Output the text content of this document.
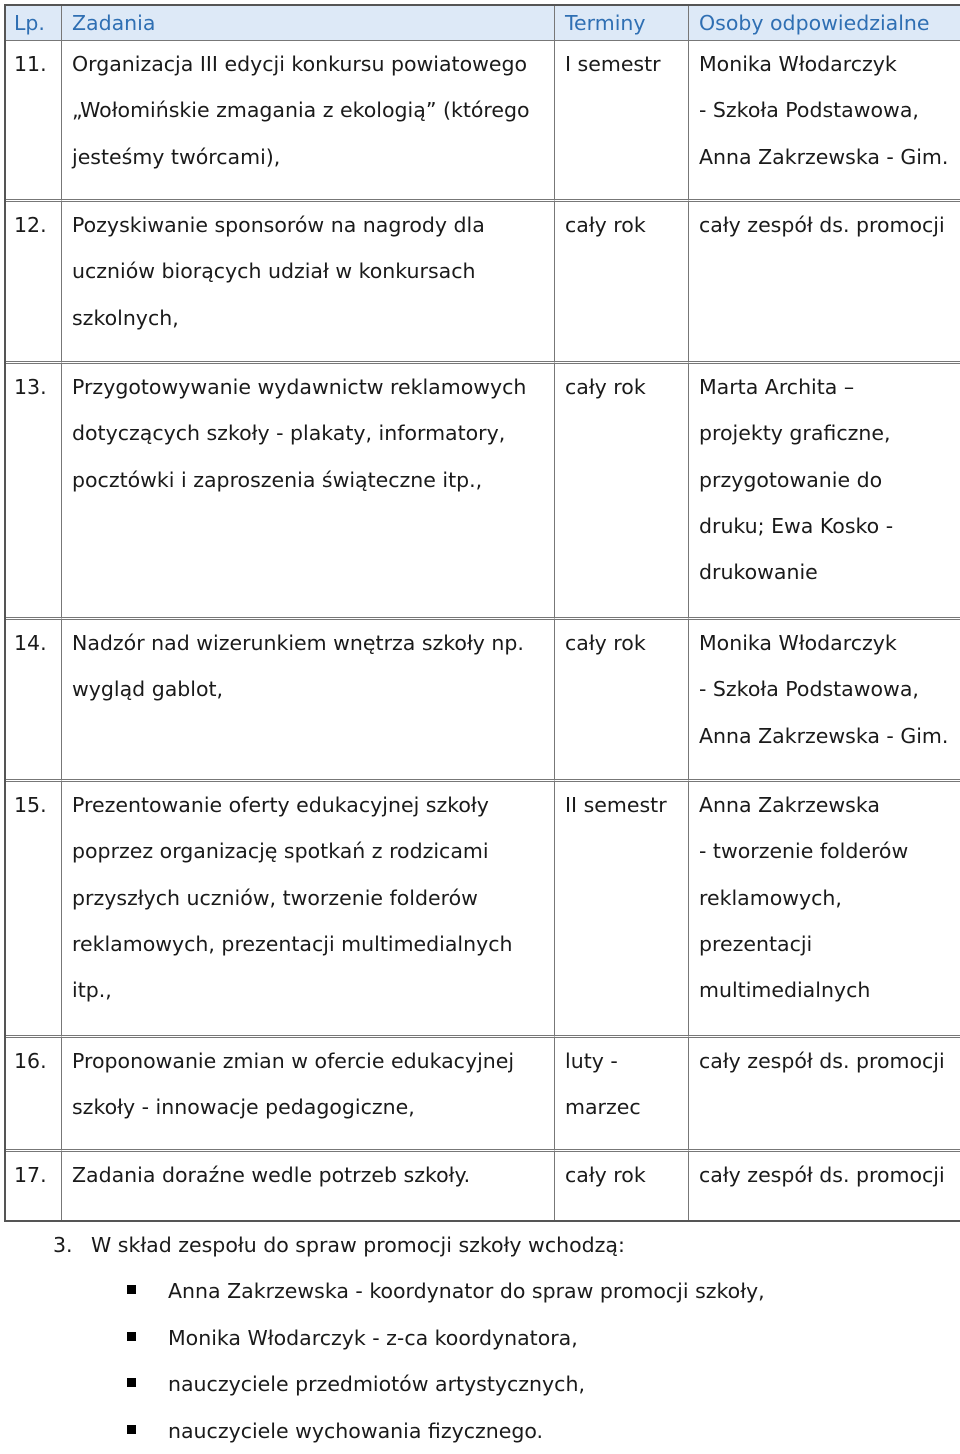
Lp.	Zadania	Terminy	Osoby odpowiedzialne
11.	Organizacja III edycji konkursu powiatowego
„Wołomińskie zmagania z ekologią” (którego
jesteśmy twórcami),	I semestr	Monika Włodarczyk
- Szkoła Podstawowa,
Anna Zakrzewska - Gim.

12.	Pozyskiwanie sponsorów na nagrody dla
uczniów biorących udział w konkursach
szkolnych,	cały rok	cały zespół ds. promocji

13.	Przygotowywanie wydawnictw reklamowych
dotyczących szkoły - plakaty, informatory,
pocztówki i zaproszenia świąteczne itp.,	cały rok	Marta Archita –
projekty graficzne,
przygotowanie do
druku; Ewa Kosko -
drukowanie

14.	Nadzór nad wizerunkiem wnętrza szkoły np.
wygląd gablot,	cały rok	Monika Włodarczyk
- Szkoła Podstawowa,
Anna Zakrzewska - Gim.

15.	Prezentowanie oferty edukacyjnej szkoły
poprzez organizację spotkań z rodzicami
przyszłych uczniów, tworzenie folderów
reklamowych, prezentacji multimedialnych
itp.,	II semestr	Anna Zakrzewska
- tworzenie folderów
reklamowych,
prezentacji
multimedialnych

16.	Proponowanie zmian w ofercie edukacyjnej
szkoły - innowacje pedagogiczne,	luty -
marzec	cały zespół ds. promocji

17.	Zadania doraźne wedle potrzeb szkoły.	cały rok	cały zespół ds. promocji
3. W skład zespołu do spraw promocji szkoły wchodzą:
Anna Zakrzewska - koordynator do spraw promocji szkoły,
Monika Włodarczyk - z-ca koordynatora,
nauczyciele przedmiotów artystycznych,
nauczyciele wychowania fizycznego.
